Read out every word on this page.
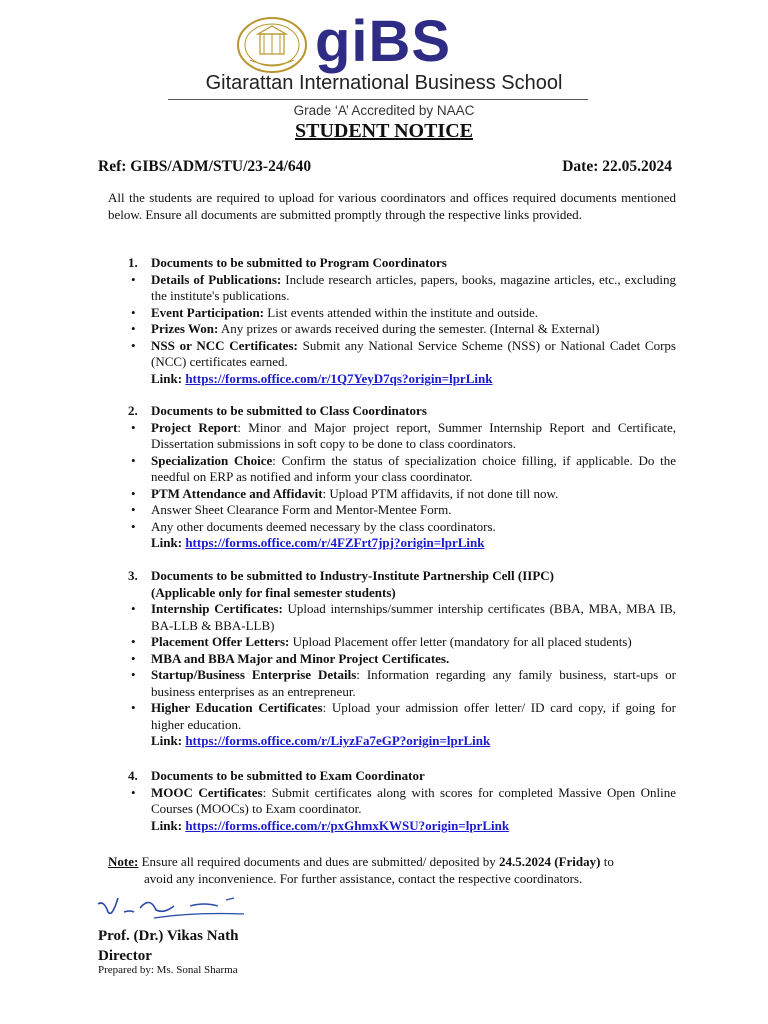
giBS
Gitarattan International Business School
Grade ‘A’ Accredited by NAAC
STUDENT NOTICE
Ref: GIBS/ADM/STU/23-24/640	Date: 22.05.2024
All the students are required to upload for various coordinators and offices required documents mentioned below. Ensure all documents are submitted promptly through the respective links provided.
1.	Documents to be submitted to Program Coordinators
• Details of Publications: Include research articles, papers, books, magazine articles, etc., excluding the institute's publications.
• Event Participation: List events attended within the institute and outside.
• Prizes Won: Any prizes or awards received during the semester. (Internal & External)
• NSS or NCC Certificates: Submit any National Service Scheme (NSS) or National Cadet Corps (NCC) certificates earned.
Link: https://forms.office.com/r/1Q7YeyD7qs?origin=lprLink
2.	Documents to be submitted to Class Coordinators
• Project Report: Minor and Major project report, Summer Internship Report and Certificate, Dissertation submissions in soft copy to be done to class coordinators.
• Specialization Choice: Confirm the status of specialization choice filling, if applicable. Do the needful on ERP as notified and inform your class coordinator.
• PTM Attendance and Affidavit: Upload PTM affidavits, if not done till now.
• Answer Sheet Clearance Form and Mentor-Mentee Form.
• Any other documents deemed necessary by the class coordinators.
Link: https://forms.office.com/r/4FZFrt7jpj?origin=lprLink
3.	Documents to be submitted to Industry-Institute Partnership Cell (IIPC)
(Applicable only for final semester students)
• Internship Certificates: Upload internships/summer intership certificates (BBA, MBA, MBA IB, BA-LLB & BBA-LLB)
• Placement Offer Letters: Upload Placement offer letter (mandatory for all placed students)
• MBA and BBA Major and Minor Project Certificates.
• Startup/Business Enterprise Details: Information regarding any family business, start-ups or business enterprises as an entrepreneur.
• Higher Education Certificates: Upload your admission offer letter/ ID card copy, if going for higher education.
Link: https://forms.office.com/r/LiyzFa7eGP?origin=lprLink
4.	Documents to be submitted to Exam Coordinator
• MOOC Certificates: Submit certificates along with scores for completed Massive Open Online Courses (MOOCs) to Exam coordinator.
Link: https://forms.office.com/r/pxGhmxKWSU?origin=lprLink
Note: Ensure all required documents and dues are submitted/ deposited by 24.5.2024 (Friday) to
avoid any inconvenience. For further assistance, contact the respective coordinators.
Prof. (Dr.) Vikas Nath
Director
Prepared by: Ms. Sonal Sharma
